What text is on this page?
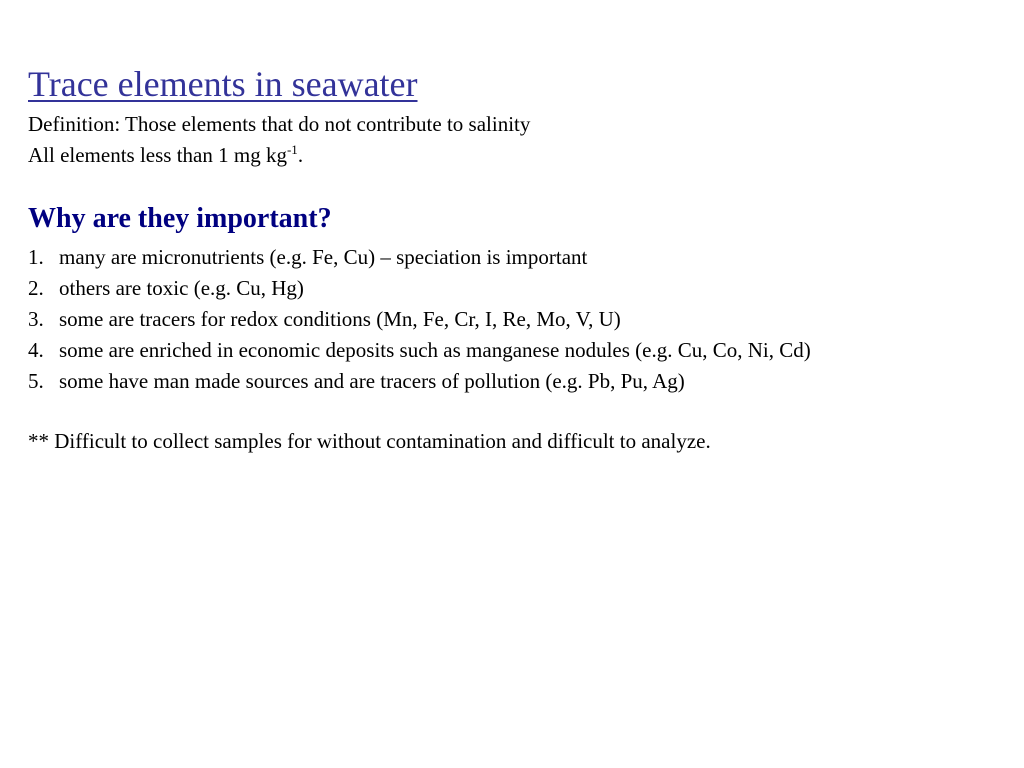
Trace elements in seawater

Definition: Those elements that do not contribute to salinity

All elements less than 1 mg $kg^{-1}$.

Why are they important?
1. many are micronutrients (e.g. Fe, Cu) – speciation is important
2. others are toxic (e.g. Cu, Hg)
3. some are tracers for redox conditions (Mn, Fe, Cr, I, Re, Mo, V, U)
4. some are enriched in economic deposits such as manganese nodules (e.g. Cu, Co, Ni, Cd)
5. some have man made sources and are tracers of pollution (e.g. Pb, Pu, Ag)

** Difficult to collect samples for without contamination and difficult to analyze.
